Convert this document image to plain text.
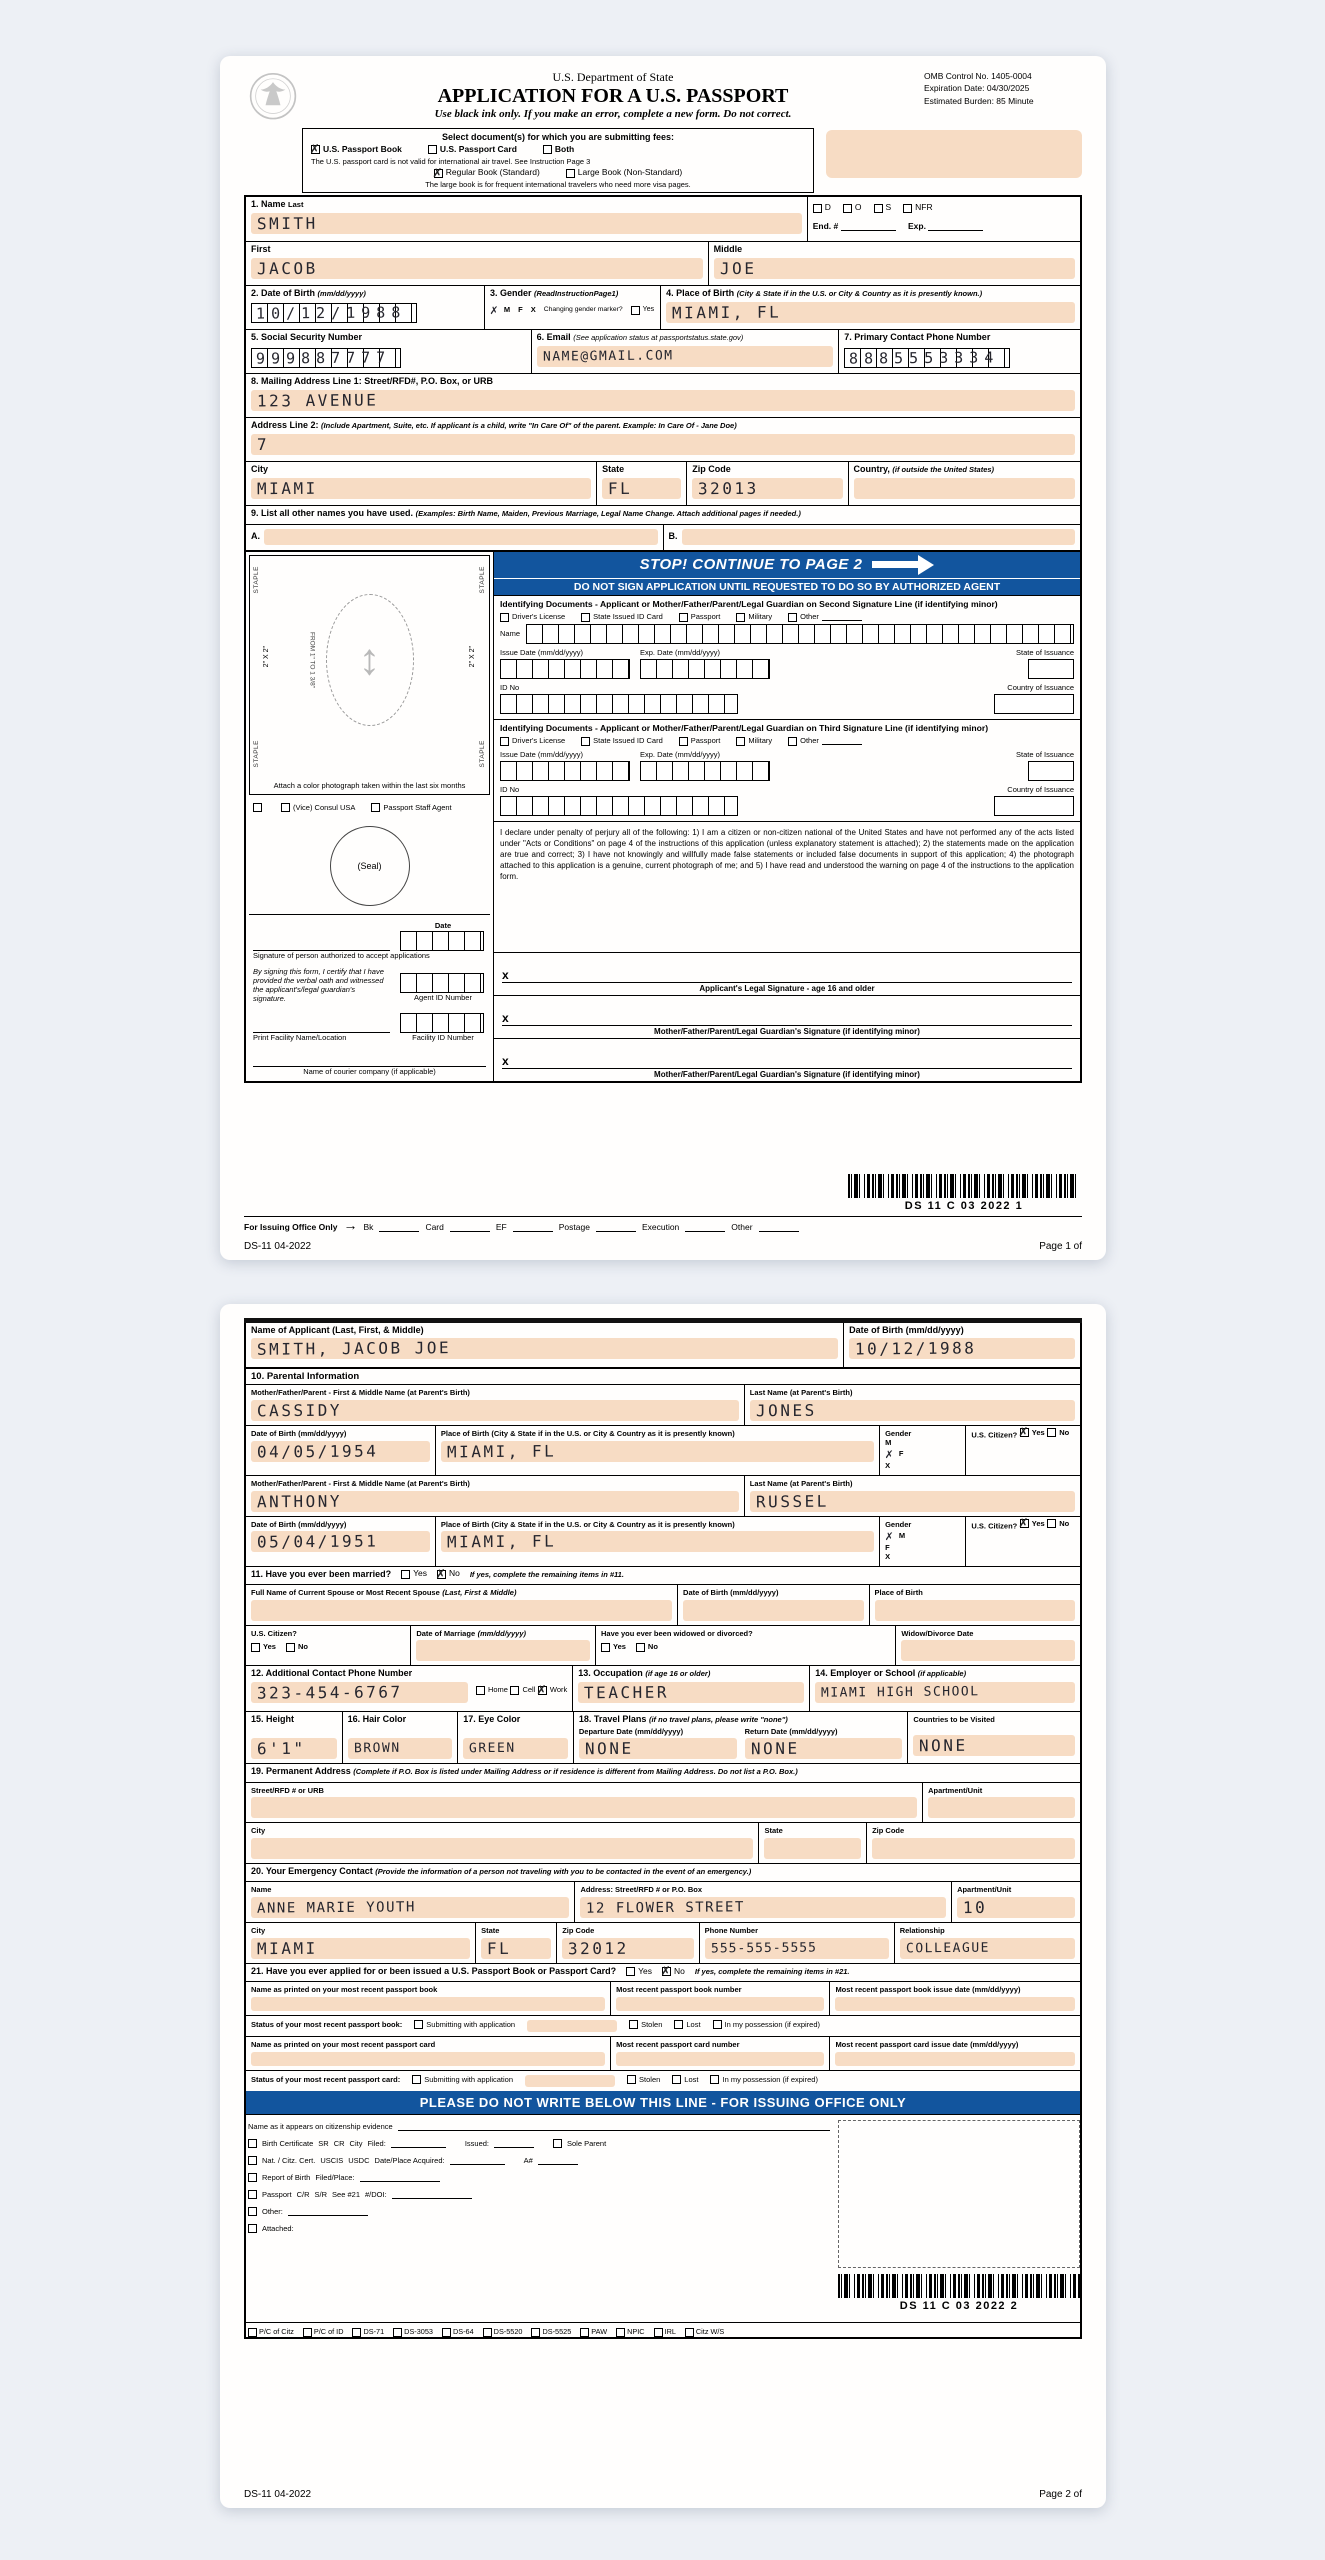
U.S. Department of State
APPLICATION FOR A U.S. PASSPORT
Use black ink only. If you make an error, complete a new form. Do not correct.
OMB Control No. 1405-0004
Expiration Date: 04/30/2025
Estimated Burden: 85 Minute
Select document(s) for which you are submitting fees:
✗
U.S. Passport Book	U.S. Passport Card	Both
The U.S. passport card is not valid for international air travel. See Instruction Page 3
✗
Regular Book (Standard)	Large Book (Non-Standard)
The large book is for frequent international travelers who need more visa pages.
1. Name Last
SMITH
D	O	S	NFR
End. #	Exp.
First
JACOB
Middle
JOE
2. Date of Birth (mm/dd/yyyy)
10/12/1988
3. Gender (ReadInstructionPage1)
✗ M F X Changing gender marker?	Yes
4. Place of Birth (City & State if in the U.S. or City & Country as it is presently known.)
MIAMI, FL
5. Social Security Number
999887777
6. Email (See application status at passportstatus.state.gov)
NAME@GMAIL.COM
7. Primary Contact Phone Number
8885553334
8. Mailing Address Line 1: Street/RFD#, P.O. Box, or URB
123 AVENUE
Address Line 2: (Include Apartment, Suite, etc. If applicant is a child, write "In Care Of" of the parent. Example: In Care Of - Jane Doe)
7
City
MIAMI
State
FL
Zip Code
32013
Country, (if outside the United States)
9. List all other names you have used. (Examples: Birth Name, Maiden, Previous Marriage, Legal Name Change. Attach additional pages if needed.)
A.	B.
STAPLE
STAPLE
STAPLE
STAPLE
2" X 2"	2" X 2"
↕
FROM 1" TO 1 3/8"
Attach a color photograph taken within the last six months
(Vice) Consul USA	Passport Staff Agent
(Seal)
Date
Signature of person authorized to accept applications
By signing this form, I certify that I have provided the verbal oath and witnessed the applicant's/legal guardian's signature.	Agent ID Number
Print Facility Name/Location	Facility ID Number
Name of courier company (if applicable)
STOP! CONTINUE TO PAGE 2
DO NOT SIGN APPLICATION UNTIL REQUESTED TO DO SO BY AUTHORIZED AGENT
Identifying Documents - Applicant or Mother/Father/Parent/Legal Guardian on Second Signature Line (if identifying minor)
Driver's License	State Issued ID Card	Passport	Military	Other
Name
Issue Date (mm/dd/yyyy)	Exp. Date (mm/dd/yyyy)	State of Issuance
ID No	Country of Issuance
Identifying Documents - Applicant or Mother/Father/Parent/Legal Guardian on Third Signature Line (if identifying minor)
Driver's License	State Issued ID Card	Passport	Military	Other
Issue Date (mm/dd/yyyy)	Exp. Date (mm/dd/yyyy)	State of Issuance
ID No	Country of Issuance
I declare under penalty of perjury all of the following: 1) I am a citizen or non-citizen national of the United States and have not performed any of the acts listed under "Acts or Conditions" on page 4 of the instructions of this application (unless explanatory statement is attached); 2) the statements made on the application are true and correct; 3) I have not knowingly and willfully made false statements or included false documents in support of this application; 4) the photograph attached to this application is a genuine, current photograph of me; and 5) I have read and understood the warning on page 4 of the instructions to the application form.
x
Applicant's Legal Signature - age 16 and older
x
Mother/Father/Parent/Legal Guardian's Signature (if identifying minor)
x
Mother/Father/Parent/Legal Guardian's Signature (if identifying minor)
DS 11 C 03 2022 1
For Issuing Office Only →	Bk	Card	EF	Postage	Execution	Other
DS-11 04-2022	Page 1 of
Name of Applicant (Last, First, & Middle)
SMITH, JACOB JOE
Date of Birth (mm/dd/yyyy)
10/12/1988
10. Parental Information
Mother/Father/Parent - First & Middle Name (at Parent's Birth)
CASSIDY
Last Name (at Parent's Birth)
JONES
Date of Birth (mm/dd/yyyy)
04/05/1954
Place of Birth (City & State if in the U.S. or City & Country as it is presently known)
MIAMI, FL
Gender
M
✗ F
X
U.S. Citizen? ✗ Yes
No
Mother/Father/Parent - First & Middle Name (at Parent's Birth)
ANTHONY
Last Name (at Parent's Birth)
RUSSEL
Date of Birth (mm/dd/yyyy)
05/04/1951
Place of Birth (City & State if in the U.S. or City & Country as it is presently known)
MIAMI, FL
Gender
✗ M
F
X
U.S. Citizen? ✗ Yes
No
11. Have you ever been married?	Yes ✗	No If yes, complete the remaining items in #11.
Full Name of Current Spouse or Most Recent Spouse (Last, First & Middle)	Date of Birth (mm/dd/yyyy)	Place of Birth
U.S. Citizen?
Yes	No
Date of Marriage (mm/dd/yyyy)	Have you ever been widowed or divorced?
Yes	No
Widow/Divorce Date
12. Additional Contact Phone Number
323-454-6767	Home
Cell
✗ Work
13. Occupation (if age 16 or older)
TEACHER
14. Employer or School (if applicable)
MIAMI HIGH SCHOOL
15. Height
6'1"
16. Hair Color
BROWN
17. Eye Color
GREEN
18. Travel Plans (if no travel plans, please write "none")
Departure Date (mm/dd/yyyy)
NONE
Return Date (mm/dd/yyyy)
NONE
Countries to be Visited
NONE
19. Permanent Address (Complete if P.O. Box is listed under Mailing Address or if residence is different from Mailing Address. Do not list a P.O. Box.)
Street/RFD # or URB	Apartment/Unit
City	State	Zip Code
20. Your Emergency Contact (Provide the information of a person not traveling with you to be contacted in the event of an emergency.)
Name
ANNE MARIE YOUTH
Address: Street/RFD # or P.O. Box
12 FLOWER STREET
Apartment/Unit
10
City
MIAMI
State
FL
Zip Code
32012
Phone Number
555-555-5555
Relationship
COLLEAGUE
21. Have you ever applied for or been issued a U.S. Passport Book or Passport Card?	Yes ✗	No If yes, complete the remaining items in #21.
Name as printed on your most recent passport book	Most recent passport book number	Most recent passport book issue date (mm/dd/yyyy)
Status of your most recent passport book:	Submitting with application	Stolen	Lost	In my possession (if expired)
Name as printed on your most recent passport card	Most recent passport card number	Most recent passport card issue date (mm/dd/yyyy)
Status of your most recent passport card:	Submitting with application	Stolen	Lost	In my possession (if expired)
PLEASE DO NOT WRITE BELOW THIS LINE - FOR ISSUING OFFICE ONLY
Name as it appears on citizenship evidence
Birth Certificate SR CR City Filed:	Issued:	Sole Parent
Nat. / Citz. Cert. USCIS USDC Date/Place Acquired:	A#
Report of Birth Filed/Place:
Passport C/R S/R See #21 #/DOI:
Other:
Attached:
DS 11 C 03 2022 2
P/C of Citz	P/C of ID	DS-71	DS-3053	DS-64	DS-5520	DS-5525	PAW	NPIC	IRL	Citz W/S
DS-11 04-2022	Page 2 of
